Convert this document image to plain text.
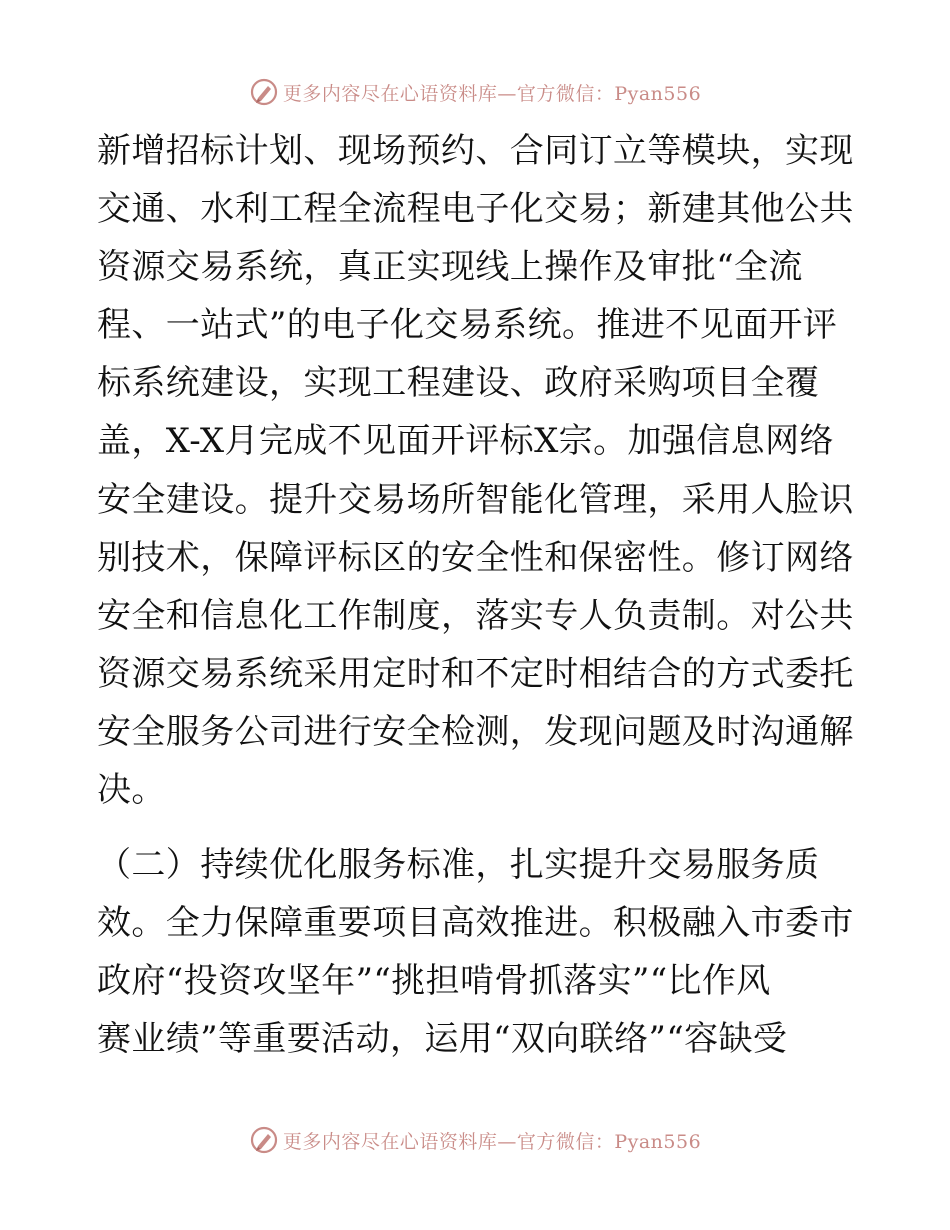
更多内容尽在心语资料库—官方微信：Pyan556
新增招标计划、现场预约、合同订立等模块，实现
交通、水利工程全流程电子化交易；新建其他公共
资源交易系统，真正实现线上操作及审批“全流
程、一站式”的电子化交易系统。推进不见面开评
标系统建设，实现工程建设、政府采购项目全覆
盖，X-X月完成不见面开评标X宗。加强信息网络
安全建设。提升交易场所智能化管理，采用人脸识
别技术，保障评标区的安全性和保密性。修订网络
安全和信息化工作制度，落实专人负责制。对公共
资源交易系统采用定时和不定时相结合的方式委托
安全服务公司进行安全检测，发现问题及时沟通解
决。
（二）持续优化服务标准，扎实提升交易服务质
效。全力保障重要项目高效推进。积极融入市委市
政府“投资攻坚年”“挑担啃骨抓落实”“比作风
赛业绩”等重要活动，运用“双向联络”“容缺受
更多内容尽在心语资料库—官方微信：Pyan556
